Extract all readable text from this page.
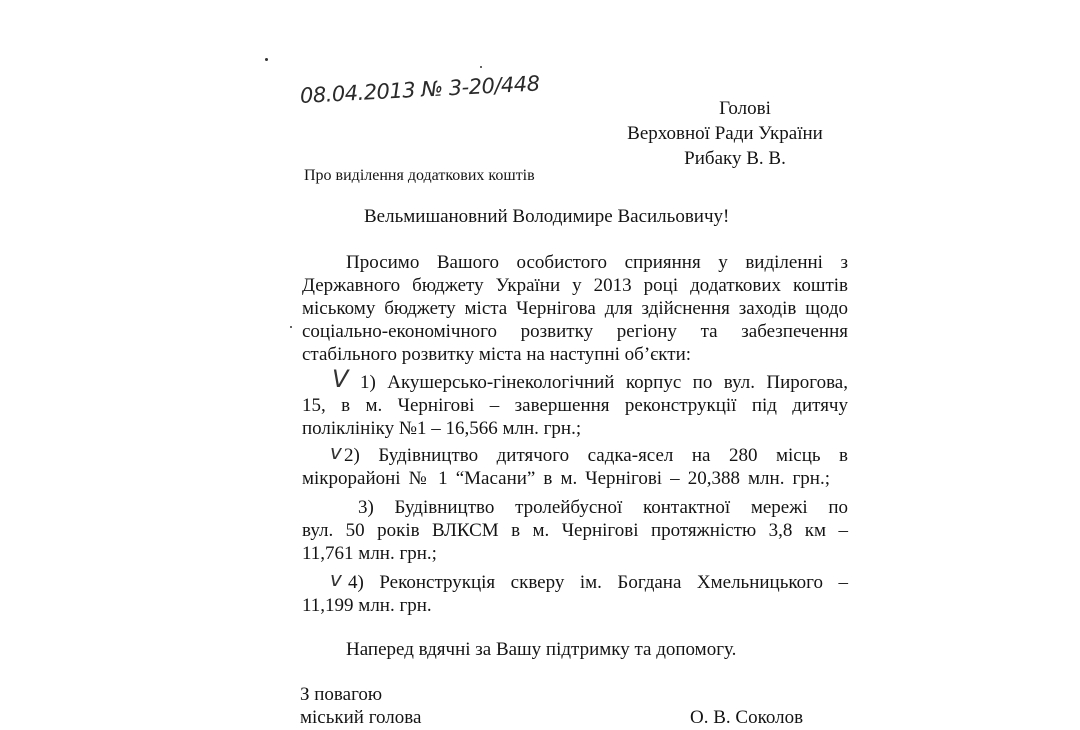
08.04.2013 № 3-20/448
Голові
Верховної Ради України
Рибаку В. В.
Про виділення додаткових коштів
Вельмишановний Володимире Васильовичу!
Просимо Вашого особистого сприяння у виділенні з
Державного бюджету України у 2013 році додаткових коштів
міському бюджету міста Чернігова для здійснення заходів щодо
соціально-економічного розвитку регіону та забезпечення
стабільного розвитку міста на наступні об’єкти:
V 1) Акушерсько-гінекологічний корпус по вул. Пирогова,
15, в м. Чернігові – завершення реконструкції під дитячу
поліклініку №1 – 16,566 млн. грн.;
v 2) Будівництво дитячого садка-ясел на 280 місць в
мікрорайоні № 1 “Масани” в м. Чернігові – 20,388 млн. грн.;
3) Будівництво тролейбусної контактної мережі по
вул. 50 років ВЛКСМ в м. Чернігові протяжністю 3,8 км –
11,761 млн. грн.;
v 4) Реконструкція скверу ім. Богдана Хмельницького –
11,199 млн. грн.
Наперед вдячні за Вашу підтримку та допомогу.
З повагою
міський голова	О. В. Соколов
